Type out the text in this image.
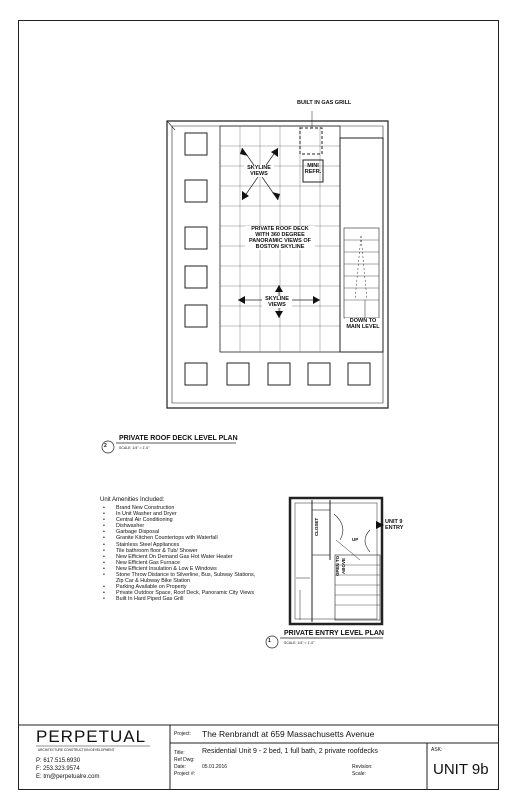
BUILT IN GAS GRILL
MINI REFR.
SKYLINE VIEWS
PRIVATE ROOF DECK WITH 360 DEGREE PANORAMIC VIEWS OF BOSTON SKYLINE
SKYLINE VIEWS
DOWN TO MAIN LEVEL
2
PRIVATE ROOF DECK LEVEL PLAN
SCALE: 1/4" = 1'-0"
CLOSET
OPEN TO ABOVE
UP
UNIT 9 ENTRY
1
PRIVATE ENTRY LEVEL PLAN
SCALE: 1/4" = 1'-0"
Unit Amenities Included:
• Brand New Construction
• In Unit Washer and Dryer
• Central Air Conditioning
• Dishwasher
• Garbage Disposal
• Granite Kitchen Countertops with Waterfall
• Stainless Steel Appliances
• Tile bathroom floor & Tub/ Shower
• New Efficient On Demand Gas Hot Water Heater
• New Efficient Gas Furnace
• New Efficient Insulation & Low E Windows
• Stone Throw Distance to Silverline, Bus, Subway Stations, Zip Car & Hubway Bike Station
• Parking Available on Property
• Private Outdoor Space, Roof Deck, Panoramic City Views
• Built In Hard Piped Gas Grill
PERPETUAL
ARCHITECTURE CONSTRUCTION DEVELOPMENT
P: 617.515.6930
F: 253.323.9574
E: tm@perpetualre.com
Project: The Renbrandt at 659 Massachusetts Avenue
Title: Residential Unit 9 - 2 bed, 1 full bath, 2 private roofdecks
Ref Dwg:
Date:	05.01.2016
Project #:
Revision:
Scale:
ASK:
UNIT 9b
